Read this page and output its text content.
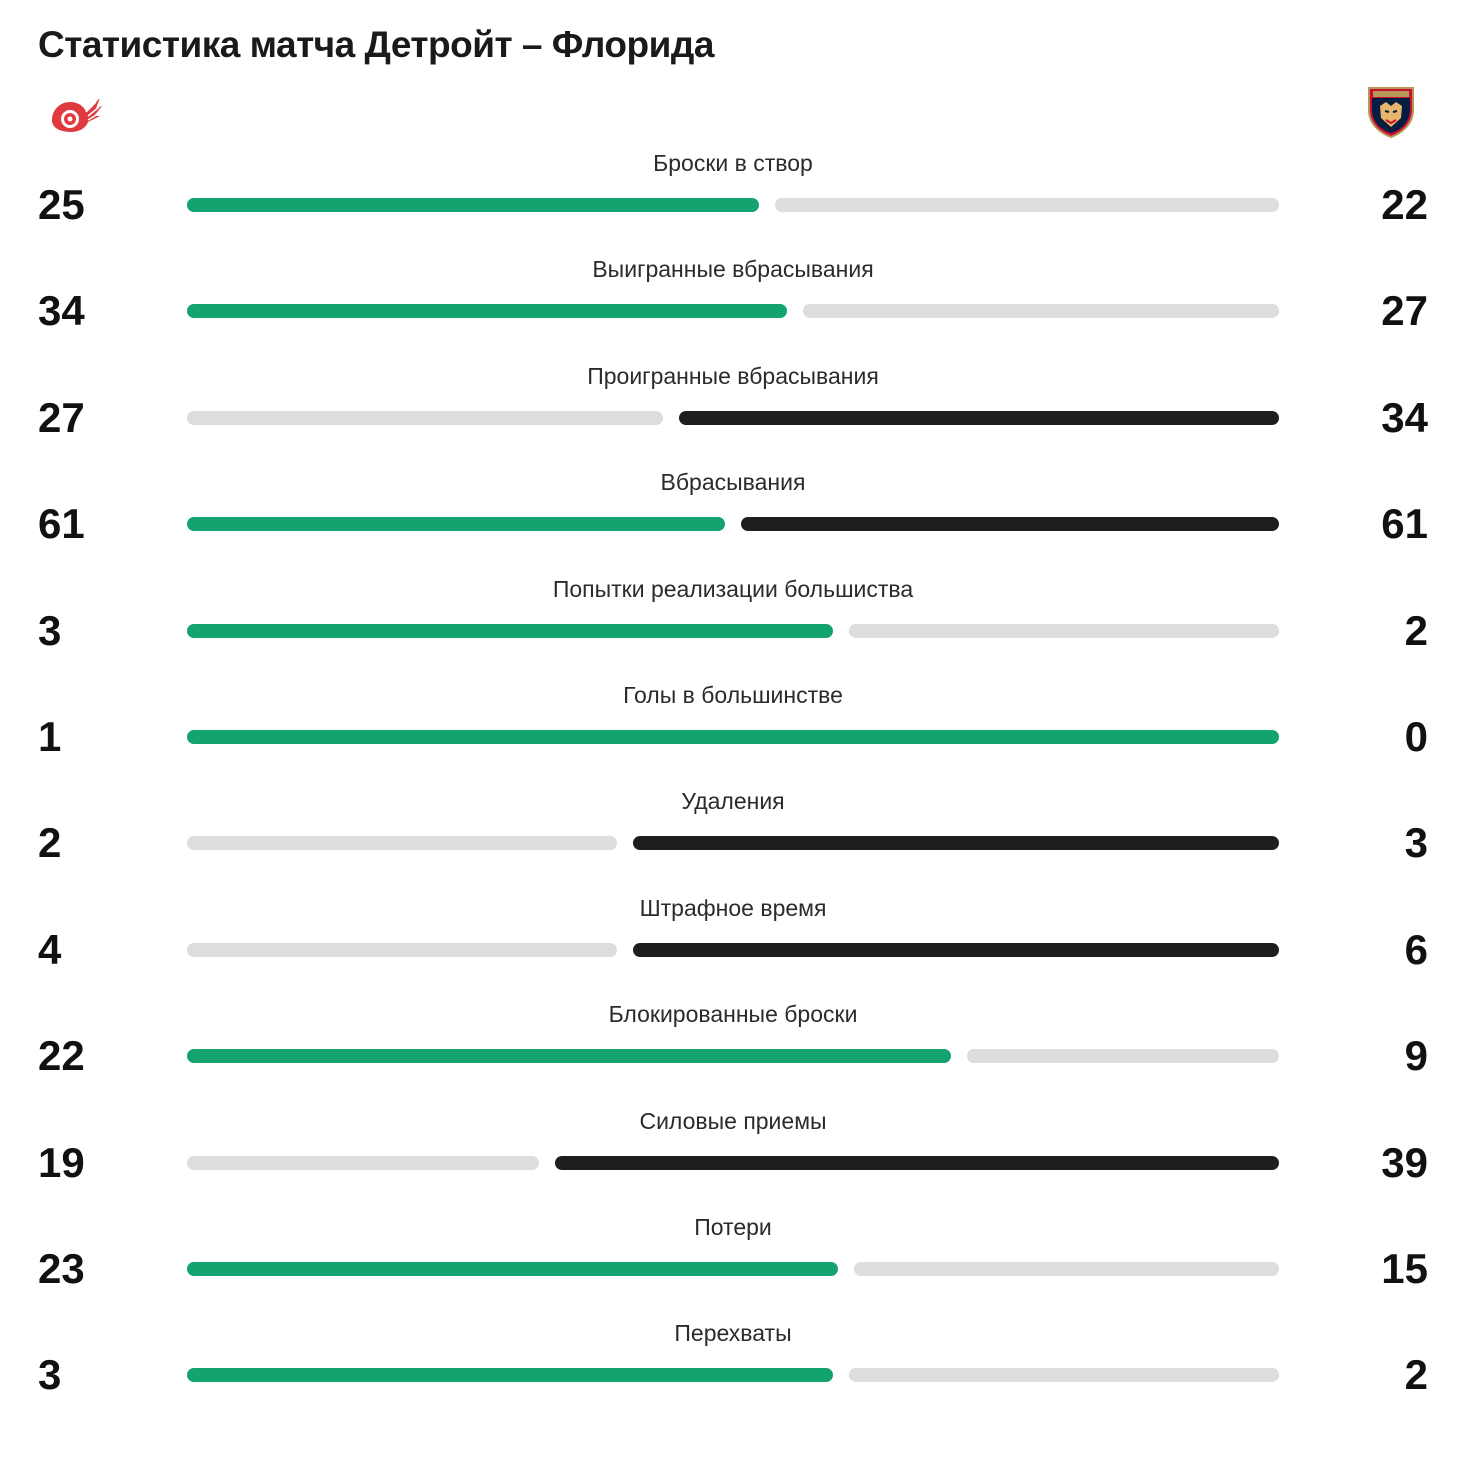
Статистика матча Детройт – Флорида
Броски в створ
25	22
Выигранные вбрасывания
34	27
Проигранные вбрасывания
27	34
Вбрасывания
61	61
Попытки реализации большиства
3	2
Голы в большинстве
1	0
Удаления
2	3
Штрафное время
4	6
Блокированные броски
22	9
Силовые приемы
19	39
Потери
23	15
Перехваты
3	2
